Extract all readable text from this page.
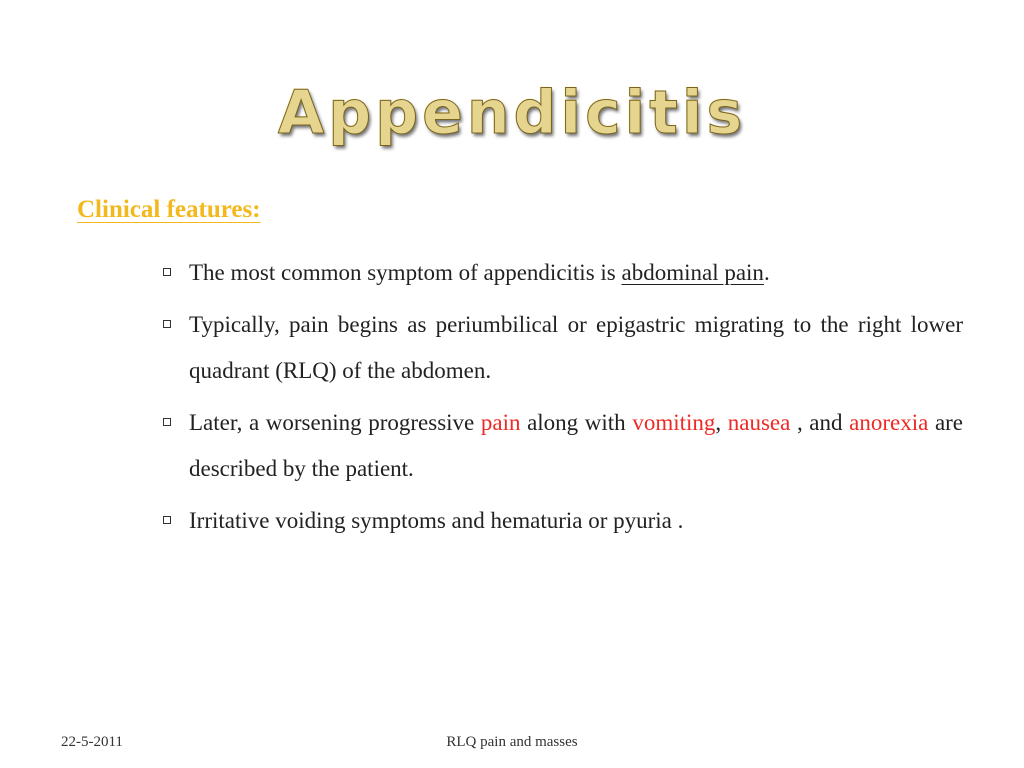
Appendicitis
Clinical features:
The most common symptom of appendicitis is abdominal pain.
Typically, pain begins as periumbilical or epigastric migrating to the right lower quadrant (RLQ) of the abdomen.
Later, a worsening progressive pain along with vomiting, nausea , and anorexia are described by the patient.
Irritative voiding symptoms and hematuria or pyuria .
22-5-2011	RLQ pain and masses
